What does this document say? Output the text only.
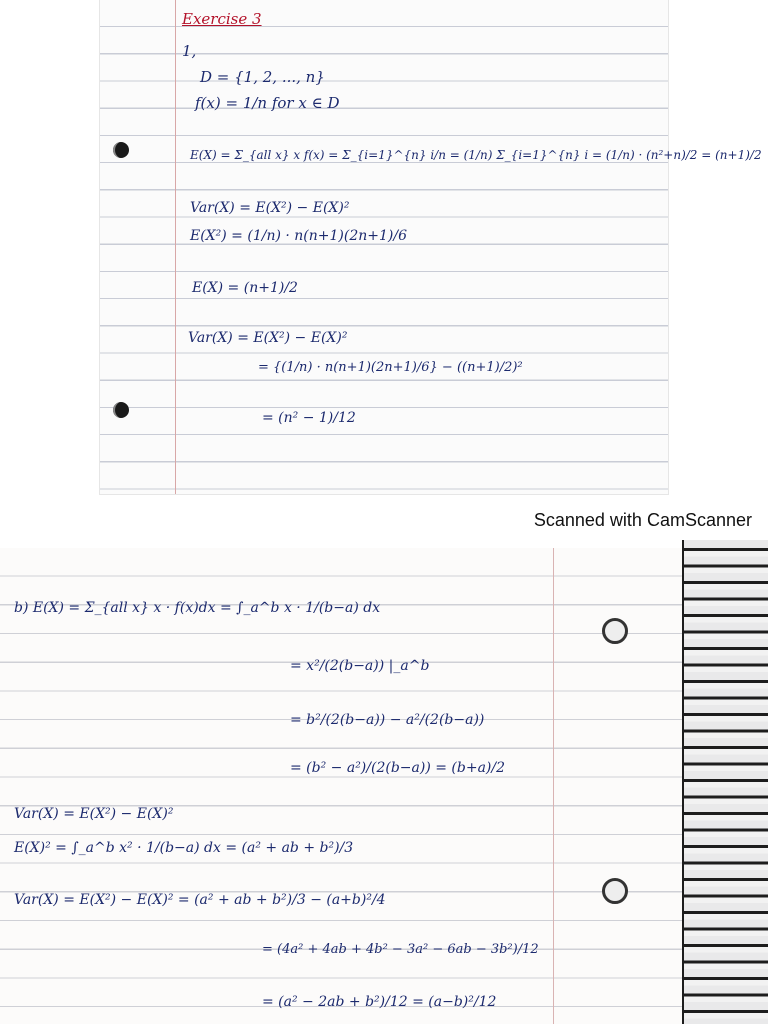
Exercise 3
1,
D = {1, 2, ..., n}
f(x) = 1/n for x ∈ D
E(X) = Σ_{all x} x f(x) = Σ_{i=1}^{n} i/n = (1/n) Σ_{i=1}^{n} i = (1/n) · (n²+n)/2 = (n+1)/2
Var(X) = E(X²) − E(X)²
E(X²) = (1/n) · n(n+1)(2n+1)/6
E(X) = (n+1)/2
Var(X) = E(X²) − E(X)²
= {(1/n) · n(n+1)(2n+1)/6} − ((n+1)/2)²
= (n² − 1)/12
Scanned with CamScanner
b) E(X) = Σ_{all x} x · f(x)dx = ∫_a^b x · 1/(b−a) dx
= x²/(2(b−a)) |_a^b
= b²/(2(b−a)) − a²/(2(b−a))
= (b² − a²)/(2(b−a)) = (b+a)/2
Var(X) = E(X²) − E(X)²
E(X)² = ∫_a^b x² · 1/(b−a) dx = (a² + ab + b²)/3
Var(X) = E(X²) − E(X)² = (a² + ab + b²)/3 − (a+b)²/4
= (4a² + 4ab + 4b² − 3a² − 6ab − 3b²)/12
= (a² − 2ab + b²)/12 = (a−b)²/12
